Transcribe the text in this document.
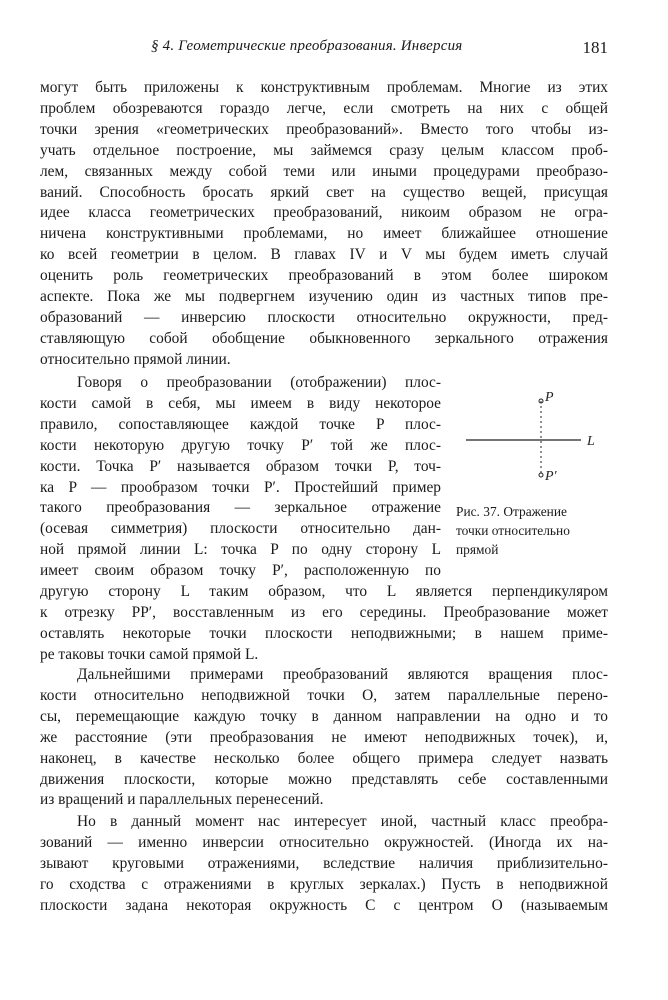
§ 4. Геометрические преобразования. Инверсия	181
могут быть приложены к конструктивным проблемам. Многие из этих
проблем обозреваются гораздо легче, если смотреть на них с общей
точки зрения «геометрических преобразований». Вместо того чтобы из-
учать отдельное построение, мы займемся сразу целым классом проб-
лем, связанных между собой теми или иными процедурами преобразо-
ваний. Способность бросать яркий свет на существо вещей, присущая
идее класса геометрических преобразований, никоим образом не огра-
ничена конструктивными проблемами, но имеет ближайшее отношение
ко всей геометрии в целом. В главах IV и V мы будем иметь случай
оценить роль геометрических преобразований в этом более широком
аспекте. Пока же мы подвергнем изучению один из частных типов пре-
образований — инверсию плоскости относительно окружности, пред-
ставляющую собой обобщение обыкновенного зеркального отражения
относительно прямой линии.
Говоря о преобразовании (отображении) плос-
кости самой в себя, мы имеем в виду некоторое
правило, сопоставляющее каждой точке P плос-
кости некоторую другую точку P′ той же плос-
кости. Точка P′ называется образом точки P, точ-
ка P — прообразом точки P′. Простейший пример
такого преобразования — зеркальное отражение
(осевая симметрия) плоскости относительно дан-
ной прямой линии L: точка P по одну сторону L
имеет своим образом точку P′, расположенную по
другую сторону L таким образом, что L является перпендикуляром
к отрезку PP′, восставленным из его середины. Преобразование может
оставлять некоторые точки плоскости неподвижными; в нашем приме-
ре таковы точки самой прямой L.
Дальнейшими примерами преобразований являются вращения плос-
кости относительно неподвижной точки O, затем параллельные перено-
сы, перемещающие каждую точку в данном направлении на одно и то
же расстояние (эти преобразования не имеют неподвижных точек), и,
наконец, в качестве несколько более общего примера следует назвать
движения плоскости, которые можно представлять себе составленными
из вращений и параллельных перенесений.
Но в данный момент нас интересует иной, частный класс преобра-
зований — именно инверсии относительно окружностей. (Иногда их на-
зывают круговыми отражениями, вследствие наличия приблизительно-
го сходства с отражениями в круглых зеркалах.) Пусть в неподвижной
плоскости задана некоторая окружность C с центром O (называемым
P
L
P′
Рис. 37. Отражение
точки относительно
прямой
